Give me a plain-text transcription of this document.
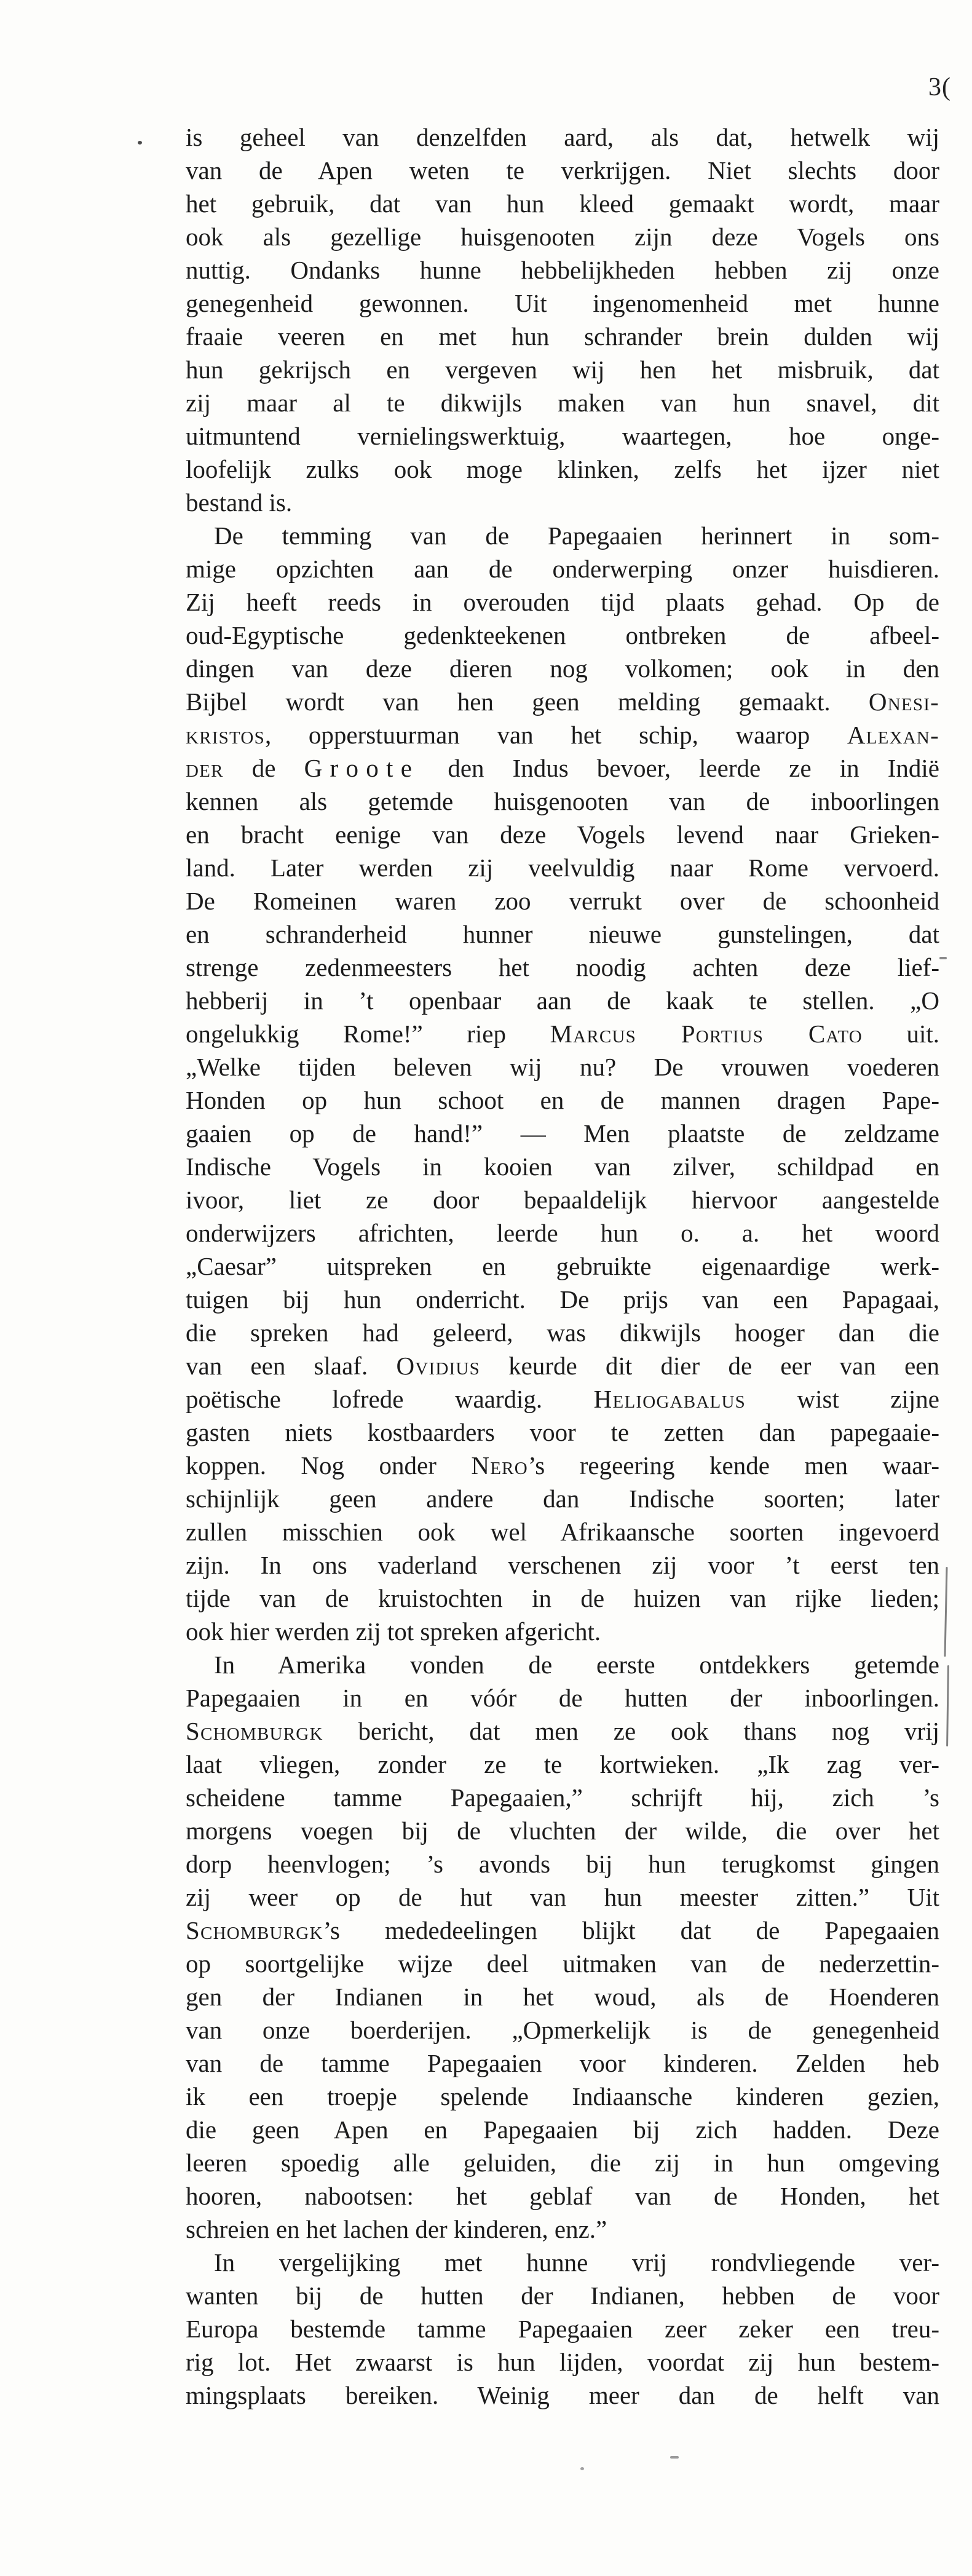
3(
is geheel van denzelfden aard, als dat, hetwelk wij
van de Apen weten te verkrijgen. Niet slechts door
het gebruik, dat van hun kleed gemaakt wordt, maar
ook als gezellige huisgenooten zijn deze Vogels ons
nuttig. Ondanks hunne hebbelijkheden hebben zij onze
genegenheid gewonnen. Uit ingenomenheid met hunne
fraaie veeren en met hun schrander brein dulden wij
hun gekrijsch en vergeven wij hen het misbruik, dat
zij maar al te dikwijls maken van hun snavel, dit
uitmuntend vernielingswerktuig, waartegen, hoe onge-
loofelijk zulks ook moge klinken, zelfs het ijzer niet
bestand is.
De temming van de Papegaaien herinnert in som-
mige opzichten aan de onderwerping onzer huisdieren.
Zij heeft reeds in overouden tijd plaats gehad. Op de
oud-Egyptische gedenkteekenen ontbreken de afbeel-
dingen van deze dieren nog volkomen; ook in den
Bijbel wordt van hen geen melding gemaakt. Onesi-
kristos, opperstuurman van het schip, waarop Alexan-
der de Groote den Indus bevoer, leerde ze in Indië
kennen als getemde huisgenooten van de inboorlingen
en bracht eenige van deze Vogels levend naar Grieken-
land. Later werden zij veelvuldig naar Rome vervoerd.
De Romeinen waren zoo verrukt over de schoonheid
en schranderheid hunner nieuwe gunstelingen, dat
strenge zedenmeesters het noodig achten deze lief-
hebberij in ’t openbaar aan de kaak te stellen. „O
ongelukkig Rome!” riep Marcus Portius Cato uit.
„Welke tijden beleven wij nu? De vrouwen voederen
Honden op hun schoot en de mannen dragen Pape-
gaaien op de hand!” — Men plaatste de zeldzame
Indische Vogels in kooien van zilver, schildpad en
ivoor, liet ze door bepaaldelijk hiervoor aangestelde
onderwijzers africhten, leerde hun o. a. het woord
„Caesar” uitspreken en gebruikte eigenaardige werk-
tuigen bij hun onderricht. De prijs van een Papagaai,
die spreken had geleerd, was dikwijls hooger dan die
van een slaaf. Ovidius keurde dit dier de eer van een
poëtische lofrede waardig. Heliogabalus wist zijne
gasten niets kostbaarders voor te zetten dan papegaaie-
koppen. Nog onder Nero’s regeering kende men waar-
schijnlijk geen andere dan Indische soorten; later
zullen misschien ook wel Afrikaansche soorten ingevoerd
zijn. In ons vaderland verschenen zij voor ’t eerst ten
tijde van de kruistochten in de huizen van rijke lieden;
ook hier werden zij tot spreken afgericht.
In Amerika vonden de eerste ontdekkers getemde
Papegaaien in en vóór de hutten der inboorlingen.
Schomburgk bericht, dat men ze ook thans nog vrij
laat vliegen, zonder ze te kortwieken. „Ik zag ver-
scheidene tamme Papegaaien,” schrijft hij, zich ’s
morgens voegen bij de vluchten der wilde, die over het
dorp heenvlogen; ’s avonds bij hun terugkomst gingen
zij weer op de hut van hun meester zitten.” Uit
Schomburgk’s mededeelingen blijkt dat de Papegaaien
op soortgelijke wijze deel uitmaken van de nederzettin-
gen der Indianen in het woud, als de Hoenderen
van onze boerderijen. „Opmerkelijk is de genegenheid
van de tamme Papegaaien voor kinderen. Zelden heb
ik een troepje spelende Indiaansche kinderen gezien,
die geen Apen en Papegaaien bij zich hadden. Deze
leeren spoedig alle geluiden, die zij in hun omgeving
hooren, nabootsen: het geblaf van de Honden, het
schreien en het lachen der kinderen, enz.”
In vergelijking met hunne vrij rondvliegende ver-
wanten bij de hutten der Indianen, hebben de voor
Europa bestemde tamme Papegaaien zeer zeker een treu-
rig lot. Het zwaarst is hun lijden, voordat zij hun bestem-
mingsplaats bereiken. Weinig meer dan de helft van
